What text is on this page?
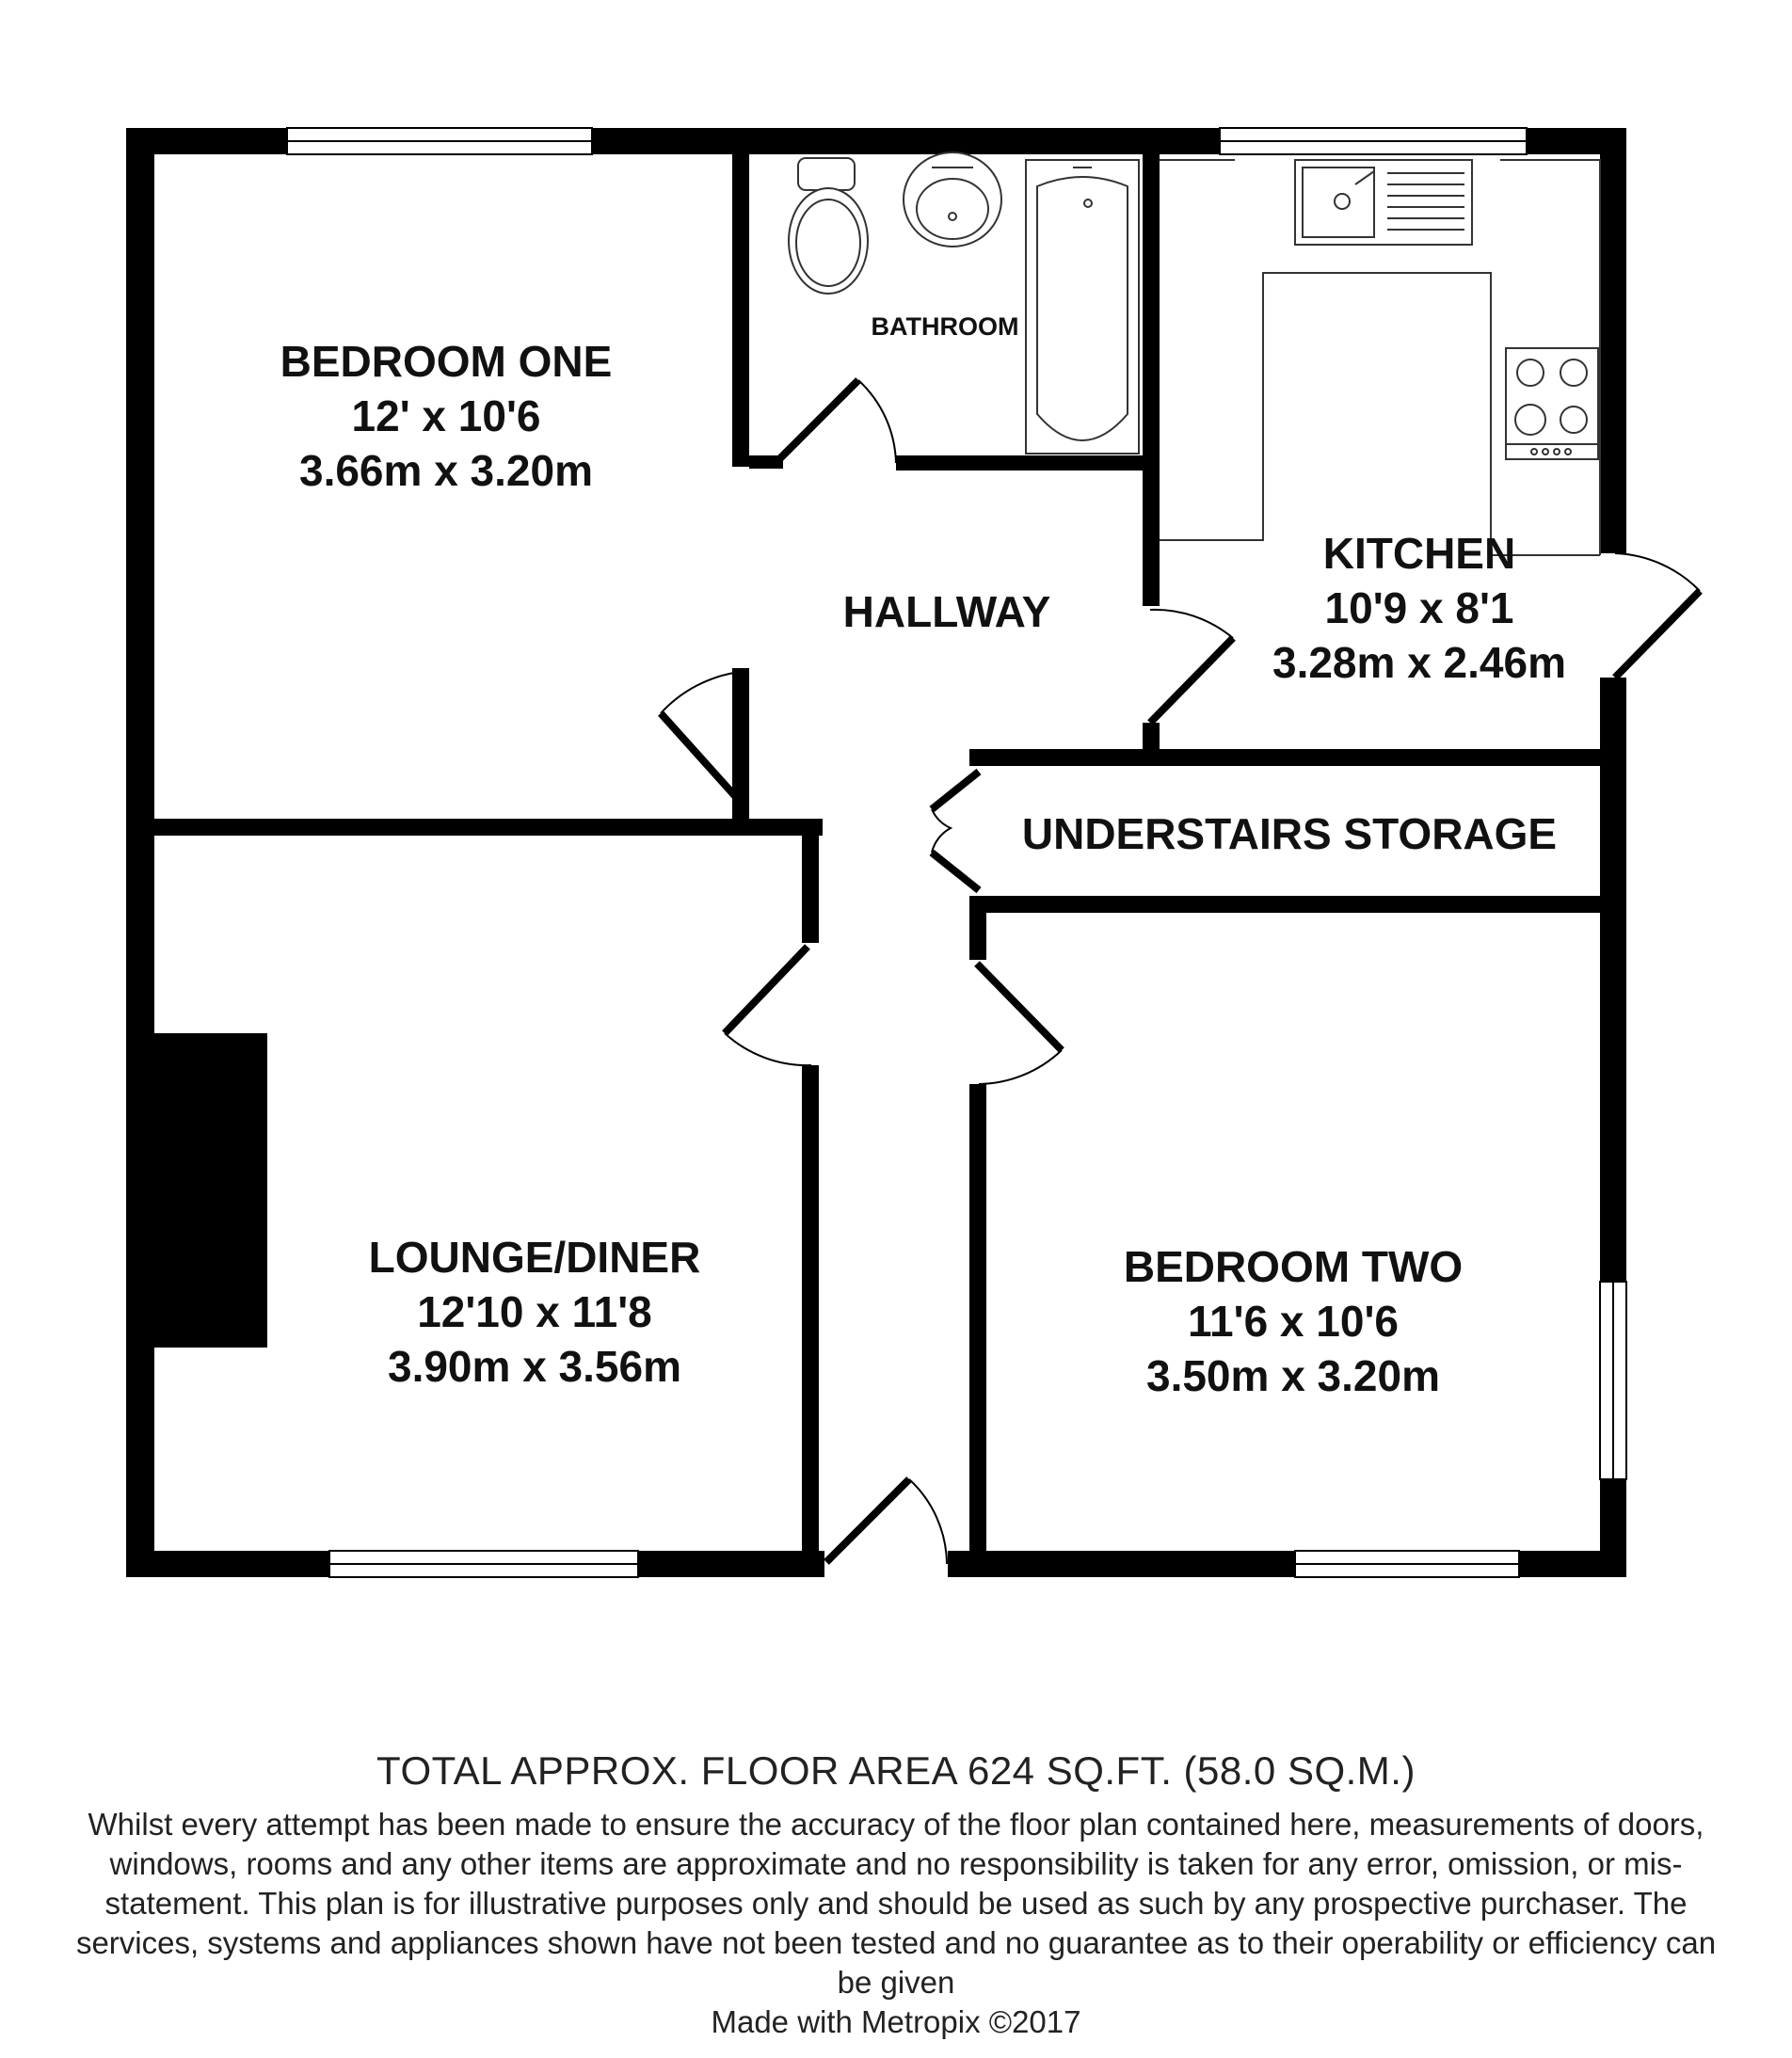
BEDROOM ONE
12' x 10'6
3.66m x 3.20m
BATHROOM
HALLWAY
KITCHEN
10'9 x 8'1
3.28m x 2.46m
UNDERSTAIRS STORAGE
LOUNGE/DINER
12'10 x 11'8
3.90m x 3.56m
BEDROOM TWO
11'6 x 10'6
3.50m x 3.20m
TOTAL APPROX. FLOOR AREA 624 SQ.FT. (58.0 SQ.M.)
Whilst every attempt has been made to ensure the accuracy of the floor plan contained here, measurements of doors, windows, rooms and any other items are approximate and no responsibility is taken for any error, omission, or mis-statement. This plan is for illustrative purposes only and should be used as such by any prospective purchaser. The services, systems and appliances shown have not been tested and no guarantee as to their operability or efficiency can be given
Made with Metropix ©2017
